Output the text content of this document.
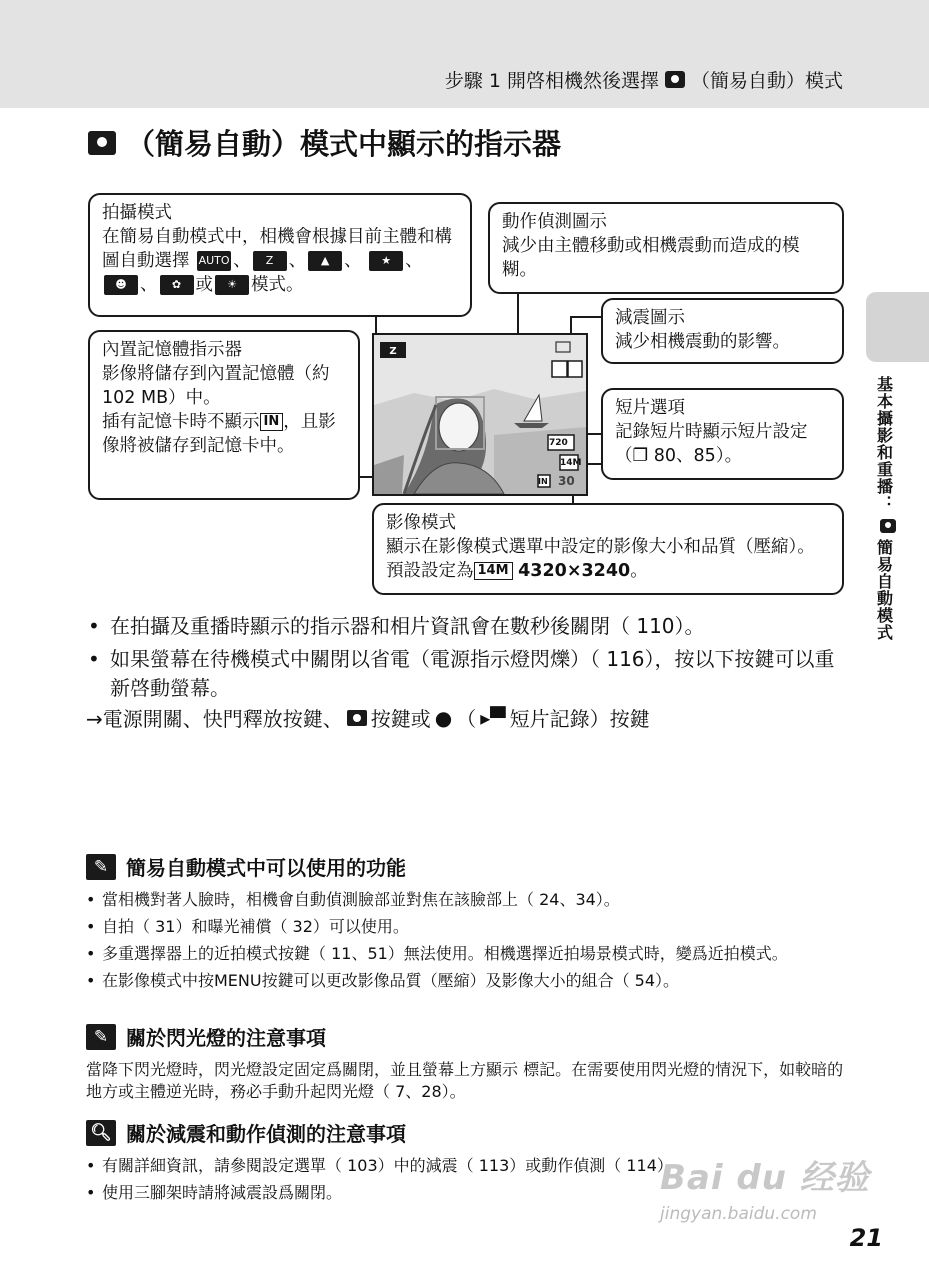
步驟 1 開啓相機然後選擇 （簡易自動）模式
（簡易自動）模式中顯示的指示器
基本攝影和重播：  簡易自動模式
Z
720
14M
IN 30
拍攝模式
在簡易自動模式中，相機會根據目前主體和構圖自動選擇 AUTO 、 Z 、 ▲ 、 ★ 、☻ 、 ✿ 或 ☀ 模式。
動作偵測圖示
減少由主體移動或相機震動而造成的模糊。
減震圖示
減少相機震動的影響。
內置記憶體指示器
影像將儲存到內置記憶體（約102 MB）中。
插有記憶卡時不顯示 IN ，且影像將被儲存到記憶卡中。
短片選項
記錄短片時顯示短片設定（❐ 80、85）。
影像模式
顯示在影像模式選單中設定的影像大小和品質（壓縮）。預設設定為 14M 4320×3240。
• 在拍攝及重播時顯示的指示器和相片資訊會在數秒後關閉（ 110）。
• 如果螢幕在待機模式中關閉以省電（電源指示燈閃爍）（ 116），按以下按鍵可以重新啓動螢幕。
→電源開關、快門釋放按鍵、 按鍵或 ● （ ▸▀ 短片記錄）按鍵
✎ 簡易自動模式中可以使用的功能
• 當相機對著人臉時，相機會自動偵測臉部並對焦在該臉部上（ 24、34）。
• 自拍（ 31）和曝光補償（ 32）可以使用。
• 多重選擇器上的近拍模式按鍵（ 11、51）無法使用。相機選擇近拍場景模式時，變爲近拍模式。
• 在影像模式中按MENU按鍵可以更改影像品質（壓縮）及影像大小的組合（ 54）。
✎ 關於閃光燈的注意事項

當降下閃光燈時，閃光燈設定固定爲關閉，並且螢幕上方顯示 標記。在需要使用閃光燈的情況下，如較暗的地方或主體逆光時，務必手動升起閃光燈（ 7、28）。

🔍︎ 關於減震和動作偵測的注意事項
• 有關詳細資訊，請參閱設定選單（ 103）中的減震（ 113）或動作偵測（ 114）。
• 使用三腳架時請將減震設爲關閉。	Bai du 经验
jingyan.baidu.com
21
